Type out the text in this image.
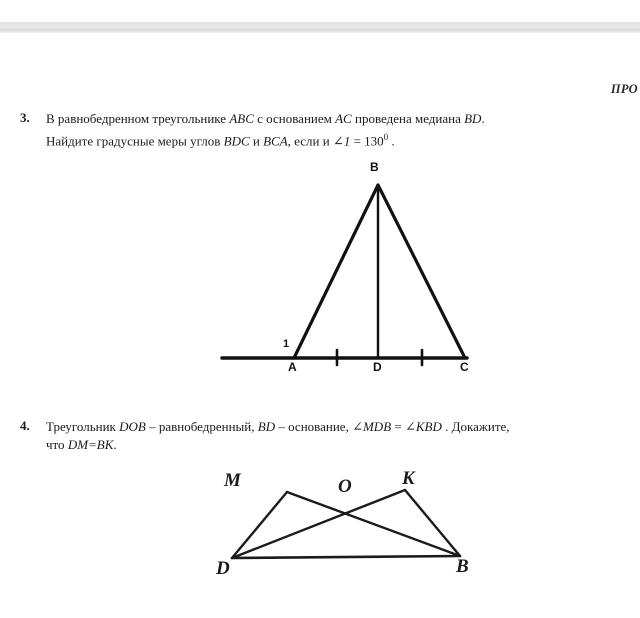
ПРО
3. В равнобедренном треугольнике ABC с основанием AC проведена медиана BD.
Найдите градусные меры углов BDC и BCA, если и ∠1 = $130^0$ .
B
A	D	C
1
4. Треугольник DOB – равнобедренный, BD – основание, ∠MDB = ∠KBD . Докажите,
что DM=BK.
M	O	K
D	B
